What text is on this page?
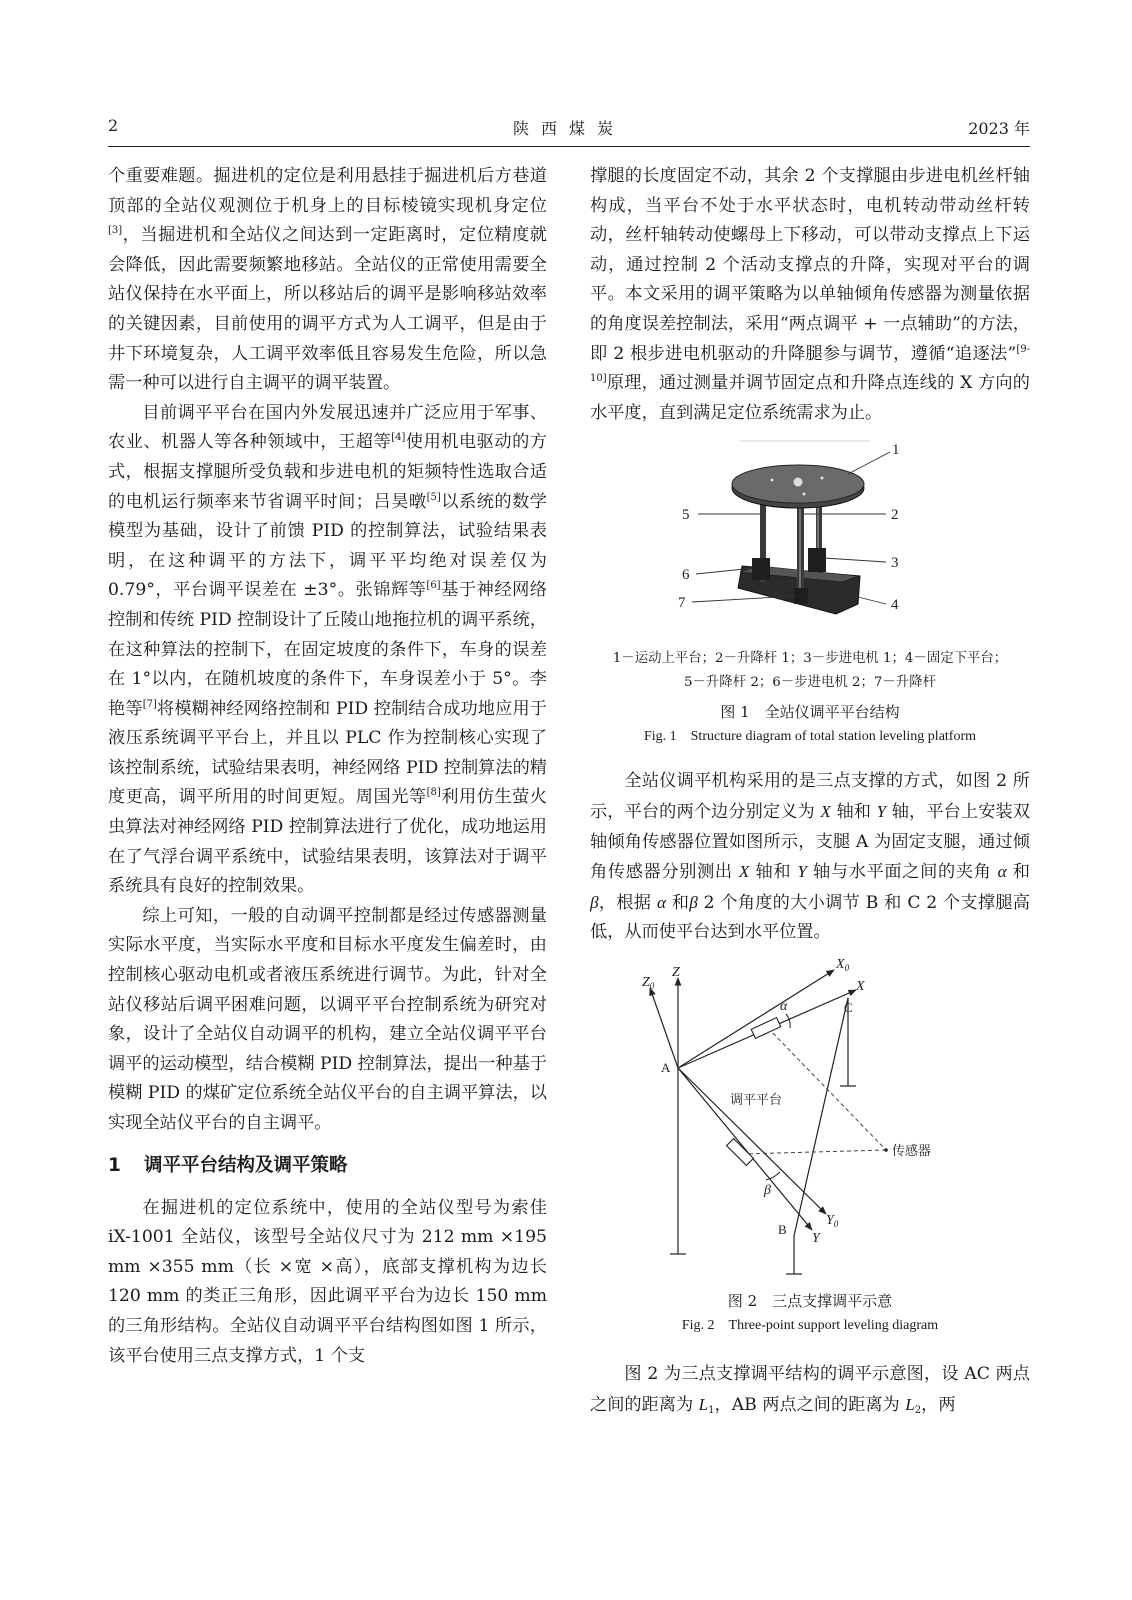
2	陕西煤炭	2023 年

个重要难题。掘进机的定位是利用悬挂于掘进机后方巷道顶部的全站仪观测位于机身上的目标棱镜实现机身定位[3]，当掘进机和全站仪之间达到一定距离时，定位精度就会降低，因此需要频繁地移站。全站仪的正常使用需要全站仪保持在水平面上，所以移站后的调平是影响移站效率的关键因素，目前使用的调平方式为人工调平，但是由于井下环境复杂，人工调平效率低且容易发生危险，所以急需一种可以进行自主调平的调平装置。

目前调平平台在国内外发展迅速并广泛应用于军事、农业、机器人等各种领域中，王超等[4]使用机电驱动的方式，根据支撑腿所受负载和步进电机的矩频特性选取合适的电机运行频率来节省调平时间；吕昊暾[5]以系统的数学模型为基础，设计了前馈 PID 的控制算法，试验结果表明，在这种调平的方法下，调平平均绝对误差仅为 0.79°，平台调平误差在 ±3°。张锦辉等[6]基于神经网络控制和传统 PID 控制设计了丘陵山地拖拉机的调平系统，在这种算法的控制下，在固定坡度的条件下，车身的误差在 1°以内，在随机坡度的条件下，车身误差小于 5°。李艳等[7]将模糊神经网络控制和 PID 控制结合成功地应用于液压系统调平平台上，并且以 PLC 作为控制核心实现了该控制系统，试验结果表明，神经网络 PID 控制算法的精度更高，调平所用的时间更短。周国光等[8]利用仿生萤火虫算法对神经网络 PID 控制算法进行了优化，成功地运用在了气浮台调平系统中，试验结果表明，该算法对于调平系统具有良好的控制效果。

综上可知，一般的自动调平控制都是经过传感器测量实际水平度，当实际水平度和目标水平度发生偏差时，由控制核心驱动电机或者液压系统进行调节。为此，针对全站仪移站后调平困难问题，以调平平台控制系统为研究对象，设计了全站仪自动调平的机构，建立全站仪调平平台调平的运动模型，结合模糊 PID 控制算法，提出一种基于模糊 PID 的煤矿定位系统全站仪平台的自主调平算法，以实现全站仪平台的自主调平。

1 调平平台结构及调平策略

在掘进机的定位系统中，使用的全站仪型号为索佳 iX-1001 全站仪，该型号全站仪尺寸为 212 mm ×195 mm ×355 mm（长 ×宽 ×高），底部支撑机构为边长 120 mm 的类正三角形，因此调平平台为边长 150 mm 的三角形结构。全站仪自动调平平台结构图如图 1 所示，该平台使用三点支撑方式，1 个支

撑腿的长度固定不动，其余 2 个支撑腿由步进电机丝杆轴构成，当平台不处于水平状态时，电机转动带动丝杆转动，丝杆轴转动使螺母上下移动，可以带动支撑点上下运动，通过控制 2 个活动支撑点的升降，实现对平台的调平。本文采用的调平策略为以单轴倾角传感器为测量依据的角度误差控制法，采用“两点调平 + 一点辅助”的方法，即 2 根步进电机驱动的升降腿参与调节，遵循“追逐法”[9-10]原理，通过测量并调节固定点和升降点连线的 X 方向的水平度，直到满足定位系统需求为止。

1
2
3
4
5
6
7
1－运动上平台；2－升降杆 1；3－步进电机 1；4－固定下平台；
5－升降杆 2；6－步进电机 2；7－升降杆
图 1　全站仪调平平台结构
Fig. 1　Structure diagram of total station leveling platform

全站仪调平机构采用的是三点支撑的方式，如图 2 所示，平台的两个边分别定义为 X 轴和 Y 轴，平台上安装双轴倾角传感器位置如图所示，支腿 A 为固定支腿，通过倾角传感器分别测出 X 轴和 Y 轴与水平面之间的夹角 α 和β，根据 α 和β 2 个角度的大小调节 B 和 C 2 个支撑腿高低，从而使平台达到水平位置。

$X_0$
X
$Z_0$
Z
C
A
B
$Y_0$
Y
α
β
调平平台
传感器
图 2　三点支撑调平示意
Fig. 2　Three-point support leveling diagram

图 2 为三点支撑调平结构的调平示意图，设 AC 两点之间的距离为 $L_1$，AB 两点之间的距离为 $L_2$，两
